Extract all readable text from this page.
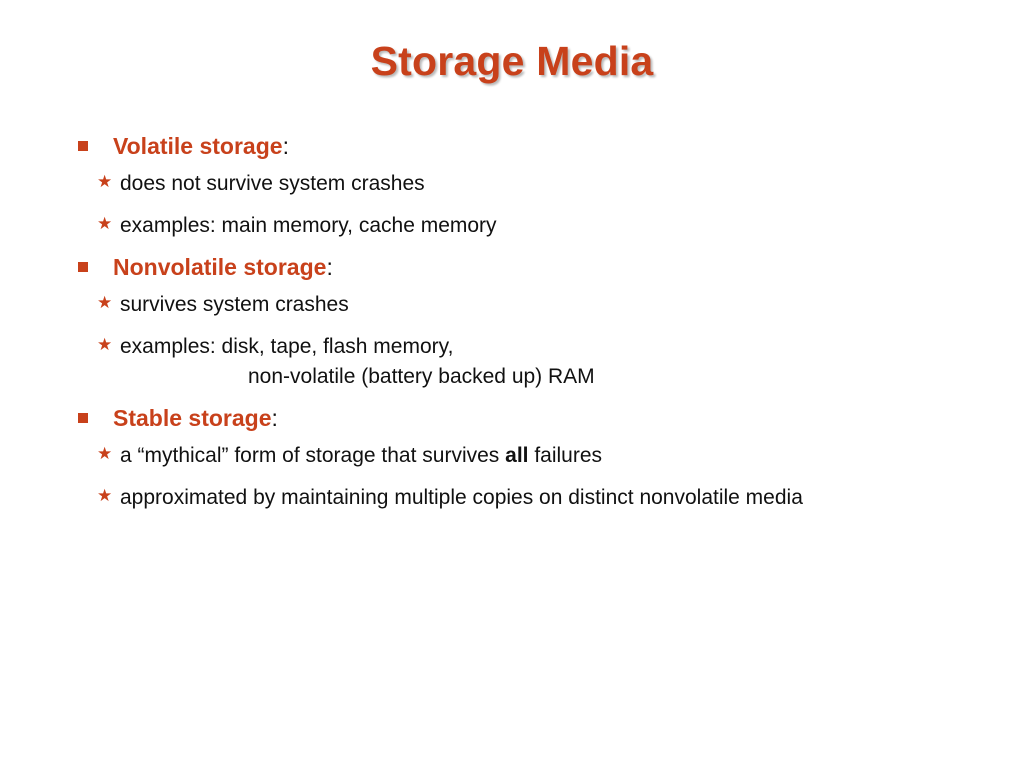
Storage Media
Volatile storage:
★ does not survive system crashes
★ examples: main memory, cache memory
Nonvolatile storage:
★ survives system crashes
★ examples: disk, tape, flash memory,
non-volatile (battery backed up) RAM
Stable storage:
★ a “mythical” form of storage that survives all failures
★ approximated by maintaining multiple copies on distinct nonvolatile media
